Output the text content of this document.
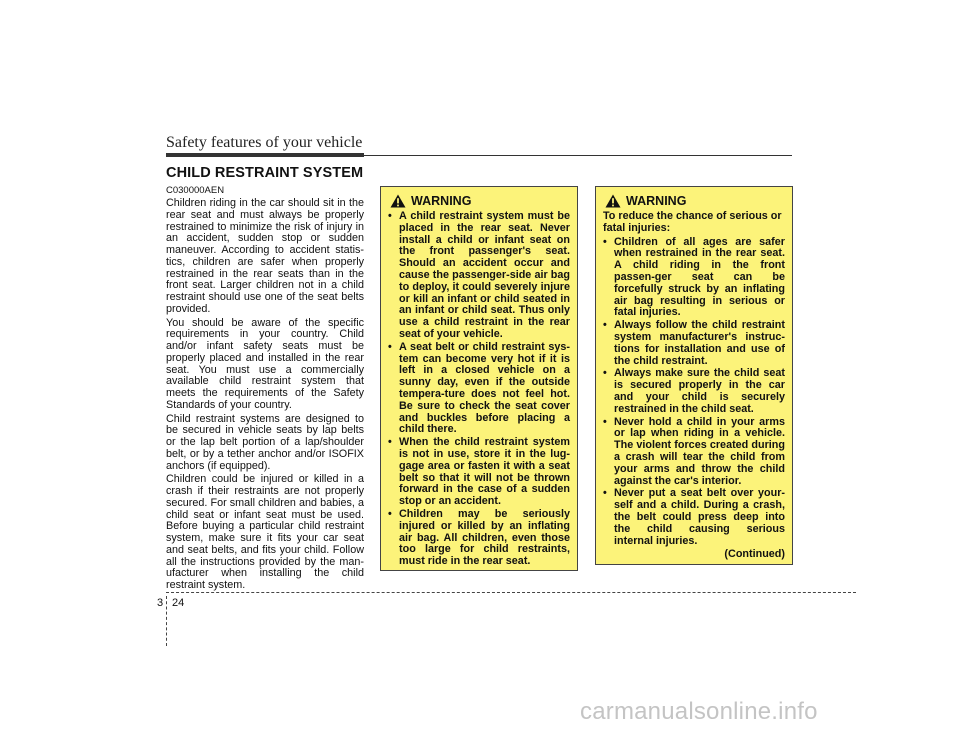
Safety features of your vehicle
CHILD RESTRAINT SYSTEM
C030000AEN

Children riding in the car should sit in the rear seat and must always be properly restrained to minimize the risk of injury in an accident, sudden stop or sudden maneuver. According to accident statis-tics, children are safer when properly restrained in the rear seats than in the front seat. Larger children not in a child restraint should use one of the seat belts provided.

You should be aware of the specific requirements in your country. Child and/or infant safety seats must be properly placed and installed in the rear seat. You must use a commercially available child restraint system that meets the requirements of the Safety Standards of your country.

Child restraint systems are designed to be secured in vehicle seats by lap belts or the lap belt portion of a lap/shoulder belt, or by a tether anchor and/or ISOFIX anchors (if equipped).

Children could be injured or killed in a crash if their restraints are not properly secured. For small children and babies, a child seat or infant seat must be used. Before buying a particular child restraint system, make sure it fits your car seat and seat belts, and fits your child. Follow all the instructions provided by the man-ufacturer when installing the child restraint system.

WARNING
• A child restraint system must be placed in the rear seat. Never install a child or infant seat on the front passenger's seat. Should an accident occur and cause the passenger-side air bag to deploy, it could severely injure or kill an infant or child seated in an infant or child seat. Thus only use a child restraint in the rear seat of your vehicle.
• A seat belt or child restraint sys-tem can become very hot if it is left in a closed vehicle on a sunny day, even if the outside tempera-ture does not feel hot. Be sure to check the seat cover and buckles before placing a child there.
• When the child restraint system is not in use, store it in the lug-gage area or fasten it with a seat belt so that it will not be thrown forward in the case of a sudden stop or an accident.
• Children may be seriously injured or killed by an inflating air bag. All children, even those too large for child restraints, must ride in the rear seat.
WARNING
To reduce the chance of serious or fatal injuries:
• Children of all ages are safer when restrained in the rear seat. A child riding in the front passen-ger seat can be forcefully struck by an inflating air bag resulting in serious or fatal injuries.
• Always follow the child restraint system manufacturer's instruc-tions for installation and use of the child restraint.
• Always make sure the child seat is secured properly in the car and your child is securely restrained in the child seat.
• Never hold a child in your arms or lap when riding in a vehicle. The violent forces created during a crash will tear the child from your arms and throw the child against the car's interior.
• Never put a seat belt over your-self and a child. During a crash, the belt could press deep into the child causing serious internal injuries.
(Continued)
3 24
carmanualsonline.info
